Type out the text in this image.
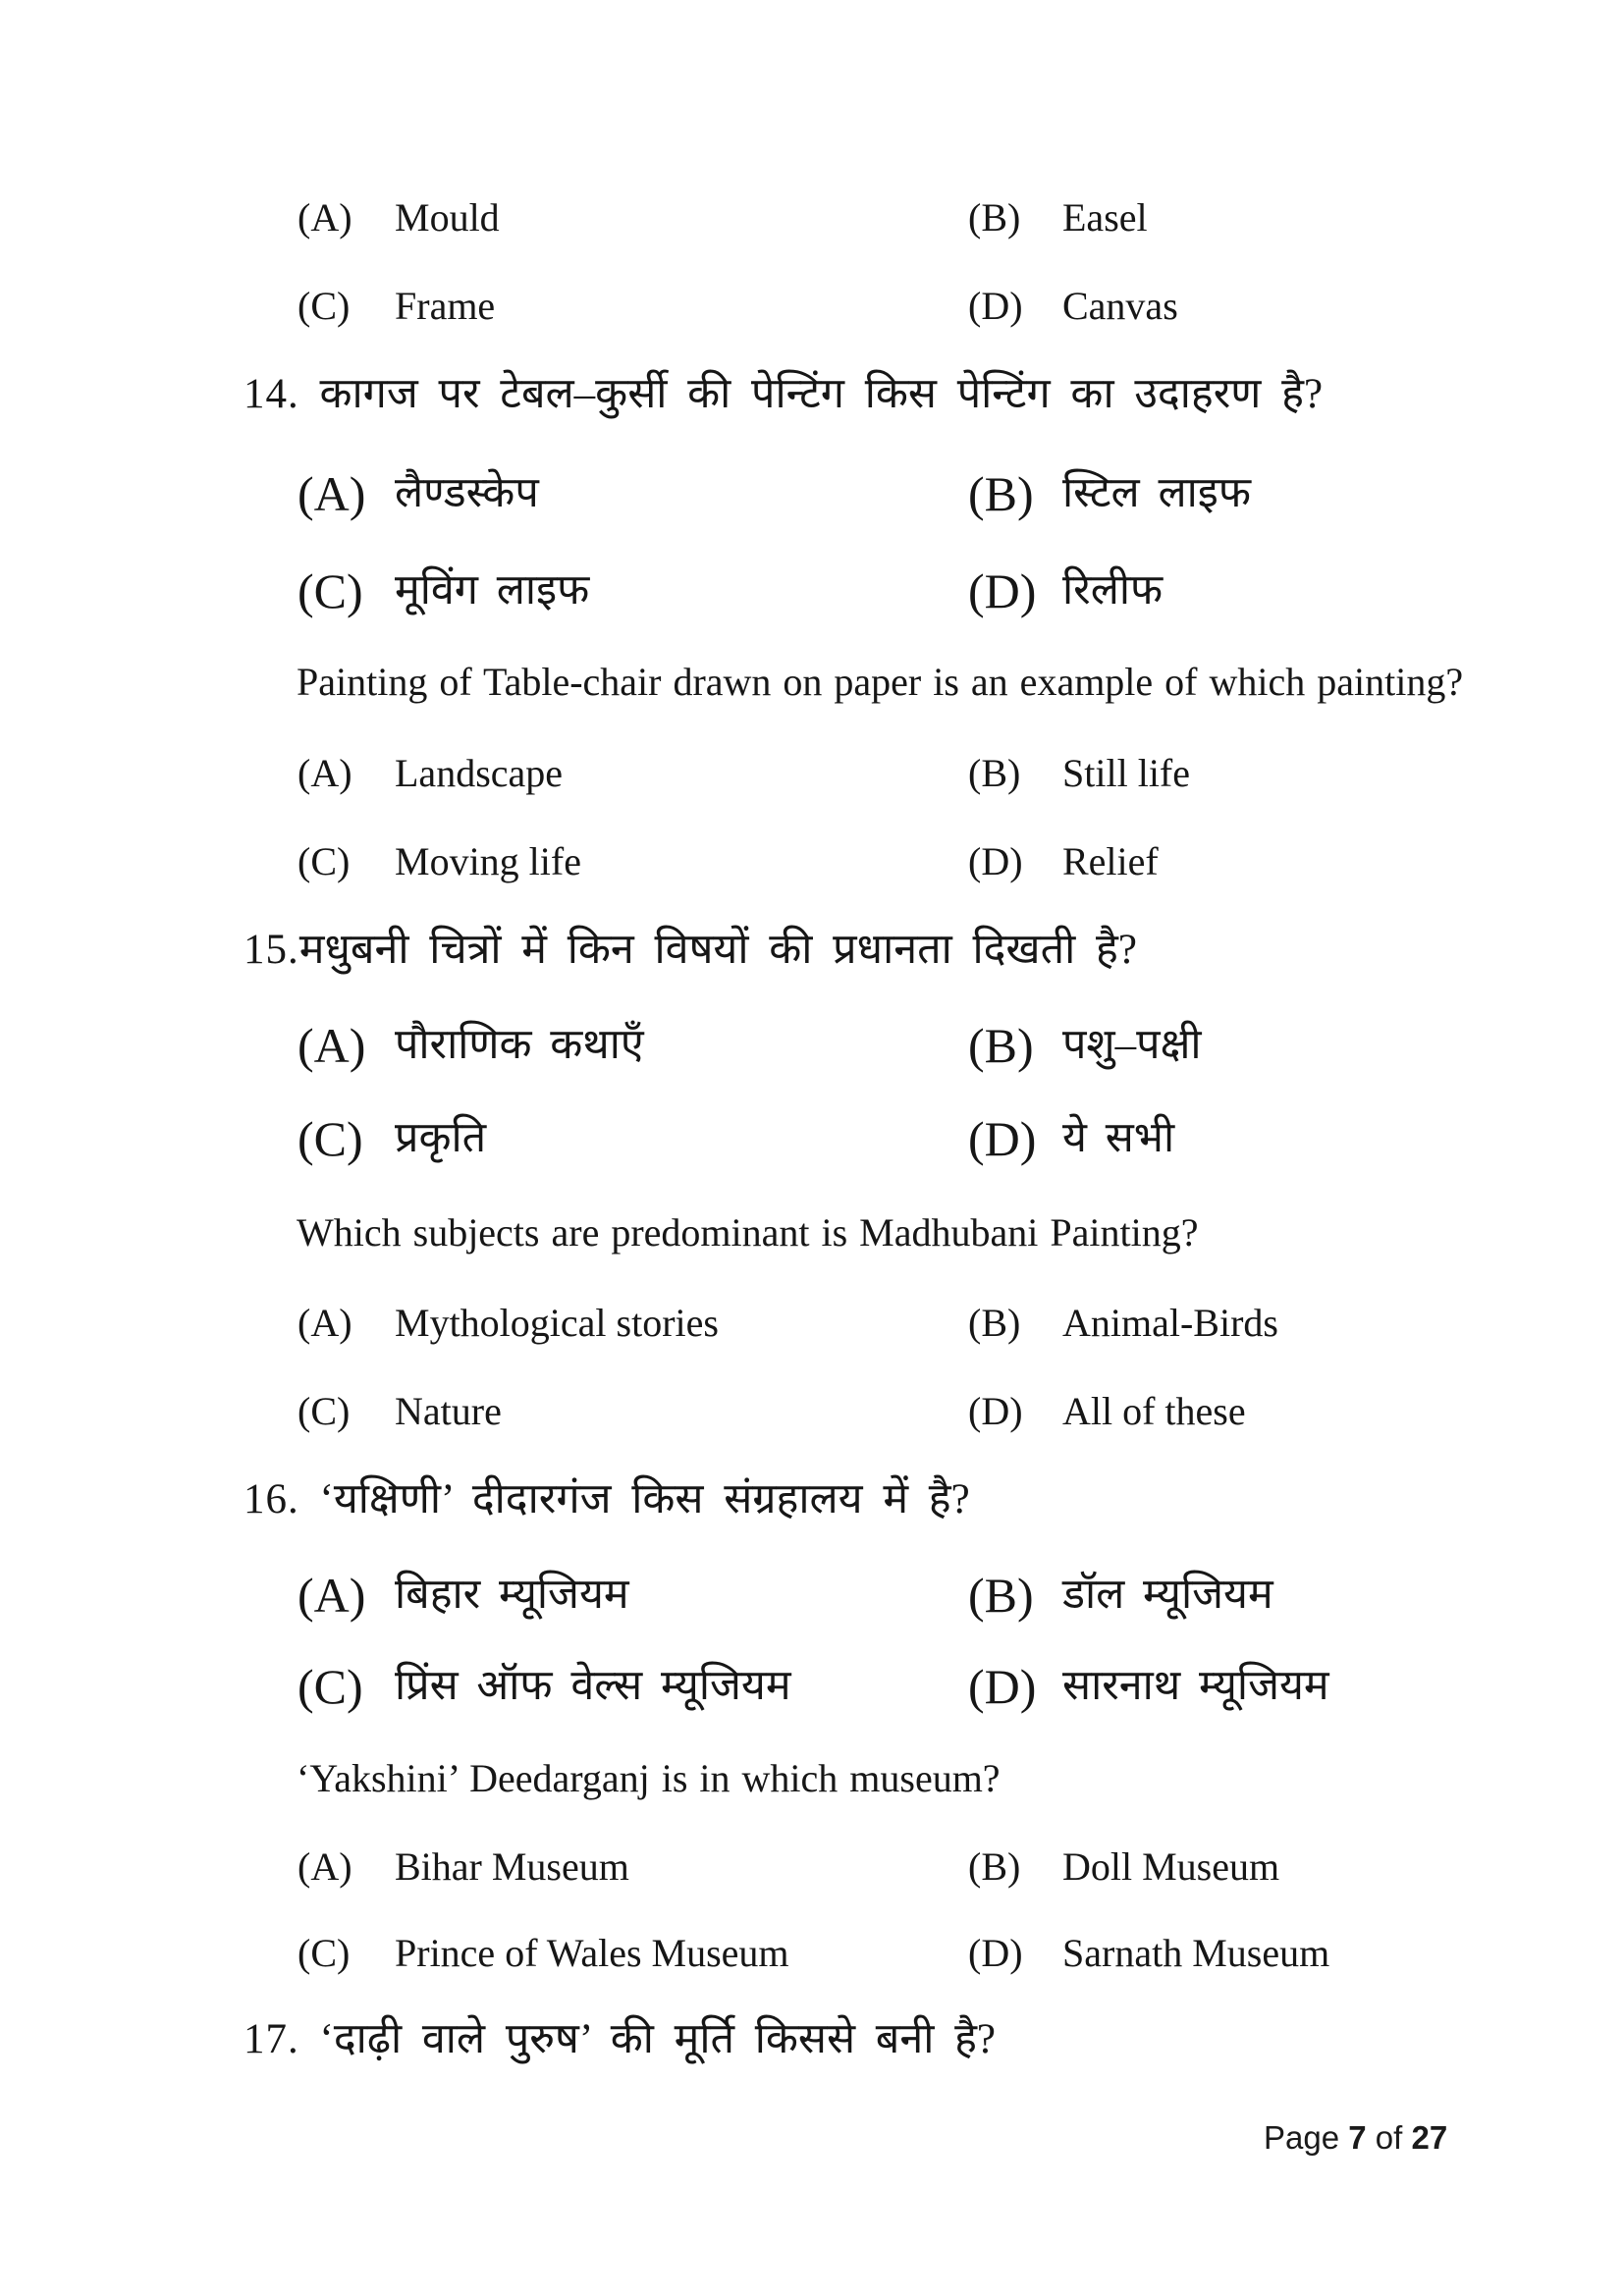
(A) Mould	(B) Easel
(C) Frame	(D) Canvas
14. कागज पर टेबल–कुर्सी की पेन्टिंग किस पेन्टिंग का उदाहरण है?
(A) लैण्डस्केप	(B) स्टिल लाइफ
(C) मूविंग लाइफ	(D) रिलीफ
Painting of Table-chair drawn on paper is an example of which painting?
(A) Landscape	(B) Still life
(C) Moving life	(D) Relief
15.मधुबनी चित्रों में किन विषयों की प्रधानता दिखती है?
(A) पौराणिक कथाएँ	(B) पशु–पक्षी
(C) प्रकृति	(D) ये सभी
Which subjects are predominant is Madhubani Painting?
(A) Mythological stories	(B) Animal-Birds
(C) Nature	(D) All of these
16. ‘यक्षिणी’ दीदारगंज किस संग्रहालय में है?
(A) बिहार म्यूजियम	(B) डॉल म्यूजियम
(C) प्रिंस ऑफ वेल्स म्यूजियम	(D) सारनाथ म्यूजियम
‘Yakshini’ Deedarganj is in which museum?
(A) Bihar Museum	(B) Doll Museum
(C) Prince of Wales Museum	(D) Sarnath Museum
17. ‘दाढ़ी वाले पुरुष’ की मूर्ति किससे बनी है?
Page 7 of 27
